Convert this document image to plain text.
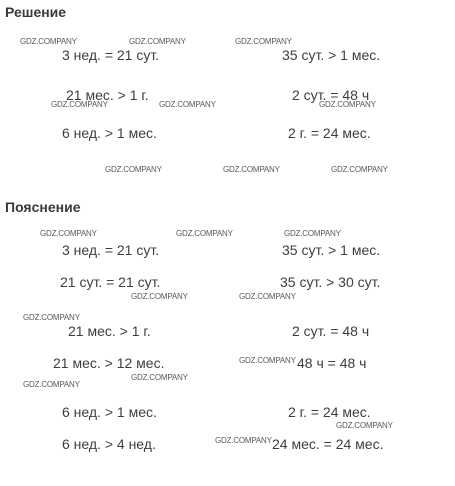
Решение
3 нед. = 21 сут.	35 сут. > 1 мес.
21 мес. > 1 г.	2 сут. = 48 ч
6 нед. > 1 мес.	2 г. = 24 мес.
Пояснение
3 нед. = 21 сут.	35 сут. > 1 мес.
21 сут. = 21 сут.	35 сут. > 30 сут.
21 мес. > 1 г.	2 сут. = 48 ч
21 мес. > 12 мес.	48 ч = 48 ч
6 нед. > 1 мес.	2 г. = 24 мес.
6 нед. > 4 нед.	24 мес. = 24 мес.
GDZ.COMPANY	GDZ.COMPANY	GDZ.COMPANY
GDZ.COMPANY	GDZ.COMPANY	GDZ.COMPANY
GDZ.COMPANY	GDZ.COMPANY	GDZ.COMPANY
GDZ.COMPANY	GDZ.COMPANY	GDZ.COMPANY
GDZ.COMPANY	GDZ.COMPANY
GDZ.COMPANY
GDZ.COMPANY
GDZ.COMPANY
GDZ.COMPANY
GDZ.COMPANY
GDZ.COMPANY
